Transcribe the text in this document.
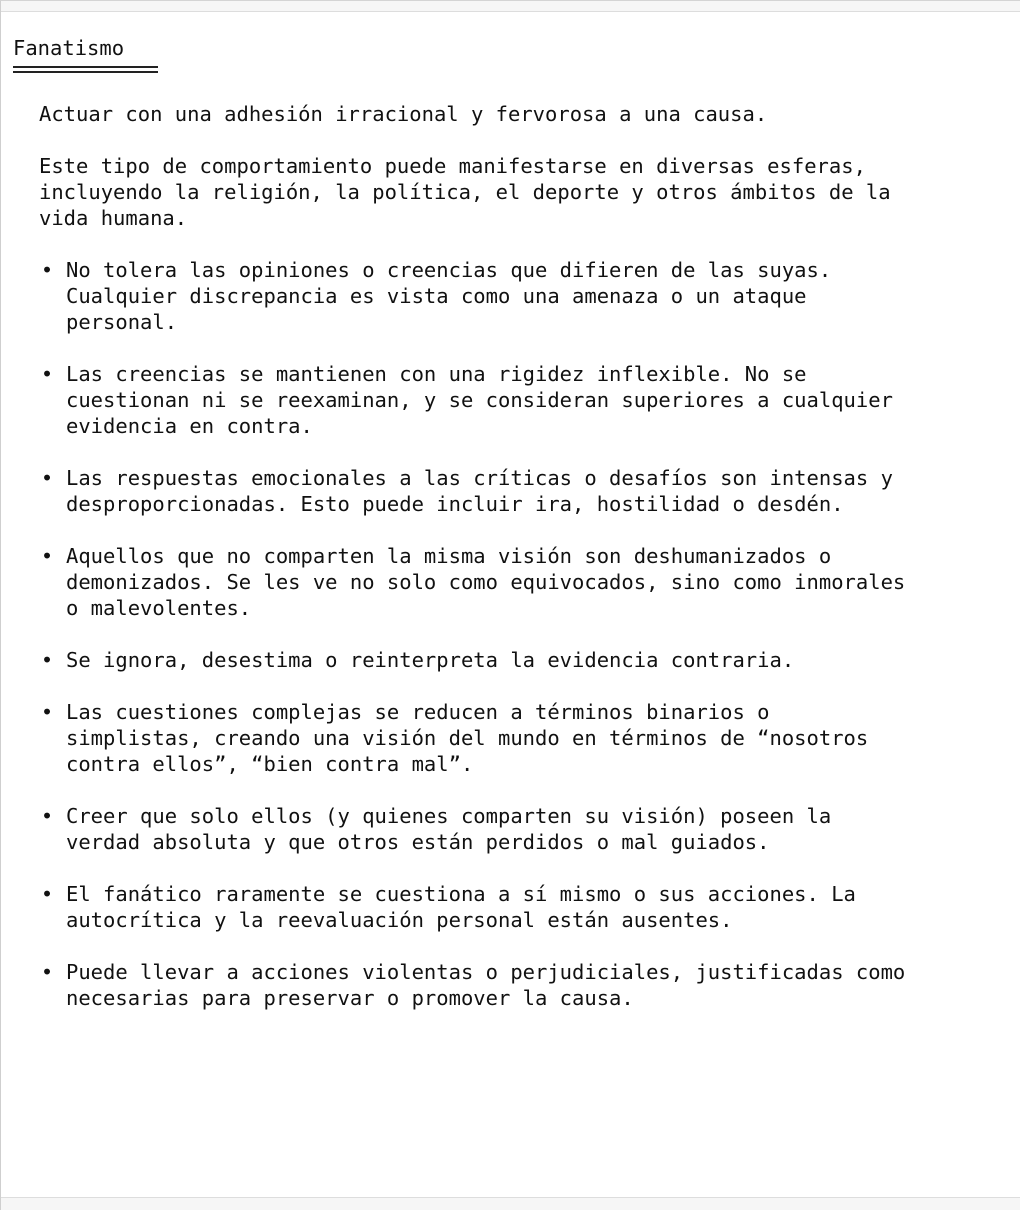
Fanatismo

Actuar con una adhesión irracional y fervorosa a una causa.

Este tipo de comportamiento puede manifestarse en diversas esferas,
incluyendo la religión, la política, el deporte y otros ámbitos de la
vida humana.

• No tolera las opiniones o creencias que difieren de las suyas.
Cualquier discrepancia es vista como una amenaza o un ataque
personal.
• Las creencias se mantienen con una rigidez inflexible. No se
cuestionan ni se reexaminan, y se consideran superiores a cualquier
evidencia en contra.
• Las respuestas emocionales a las críticas o desafíos son intensas y
desproporcionadas. Esto puede incluir ira, hostilidad o desdén.
• Aquellos que no comparten la misma visión son deshumanizados o
demonizados. Se les ve no solo como equivocados, sino como inmorales
o malevolentes.
• Se ignora, desestima o reinterpreta la evidencia contraria.
• Las cuestiones complejas se reducen a términos binarios o
simplistas, creando una visión del mundo en términos de “nosotros
contra ellos”, “bien contra mal”.
• Creer que solo ellos (y quienes comparten su visión) poseen la
verdad absoluta y que otros están perdidos o mal guiados.
• El fanático raramente se cuestiona a sí mismo o sus acciones. La
autocrítica y la reevaluación personal están ausentes.
• Puede llevar a acciones violentas o perjudiciales, justificadas como
necesarias para preservar o promover la causa.
